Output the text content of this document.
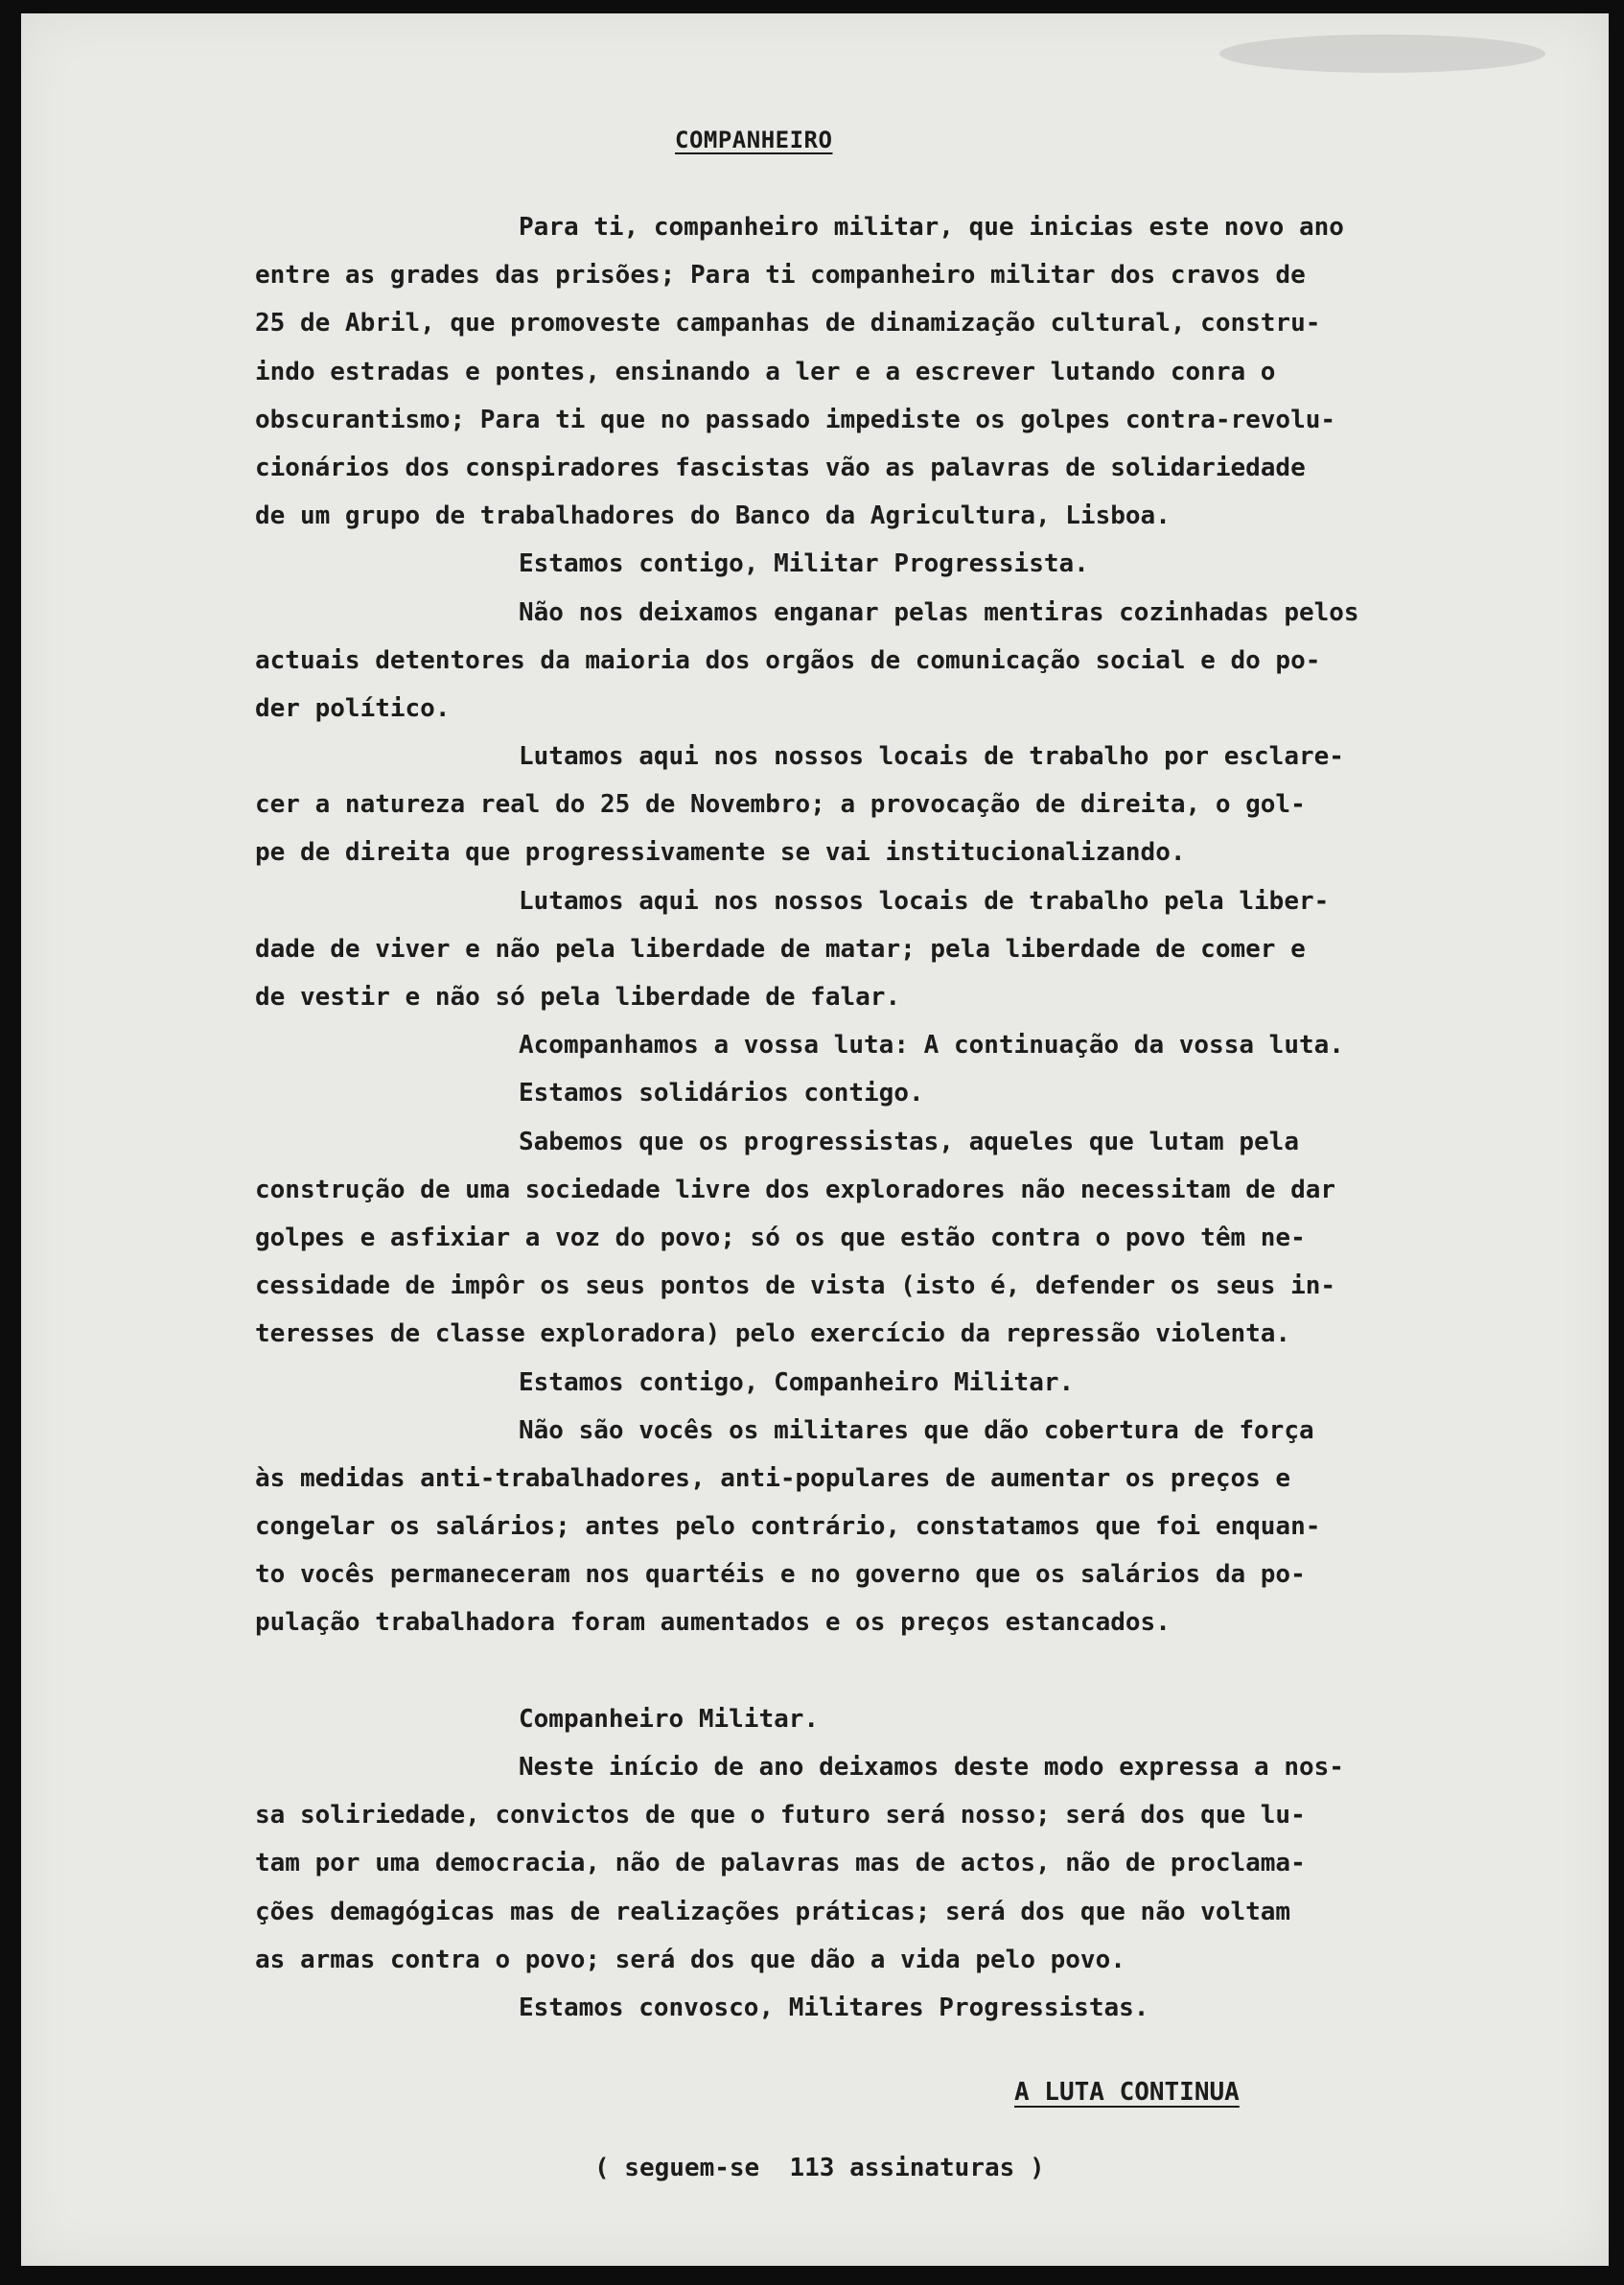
COMPANHEIRO
Para ti, companheiro militar, que inicias este novo ano
entre as grades das prisões; Para ti companheiro militar dos cravos de
25 de Abril, que promoveste campanhas de dinamização cultural, constru-
indo estradas e pontes, ensinando a ler e a escrever lutando conra o
obscurantismo; Para ti que no passado impediste os golpes contra-revolu-
cionários dos conspiradores fascistas vão as palavras de solidariedade
de um grupo de trabalhadores do Banco da Agricultura, Lisboa.
Estamos contigo, Militar Progressista.
Não nos deixamos enganar pelas mentiras cozinhadas pelos
actuais detentores da maioria dos orgãos de comunicação social e do po-
der político.
Lutamos aqui nos nossos locais de trabalho por esclare-
cer a natureza real do 25 de Novembro; a provocação de direita, o gol-
pe de direita que progressivamente se vai institucionalizando.
Lutamos aqui nos nossos locais de trabalho pela liber-
dade de viver e não pela liberdade de matar; pela liberdade de comer e
de vestir e não só pela liberdade de falar.
Acompanhamos a vossa luta: A continuação da vossa luta.
Estamos solidários contigo.
Sabemos que os progressistas, aqueles que lutam pela
construção de uma sociedade livre dos exploradores não necessitam de dar
golpes e asfixiar a voz do povo; só os que estão contra o povo têm ne-
cessidade de impôr os seus pontos de vista (isto é, defender os seus in-
teresses de classe exploradora) pelo exercício da repressão violenta.
Estamos contigo, Companheiro Militar.
Não são vocês os militares que dão cobertura de força
às medidas anti-trabalhadores, anti-populares de aumentar os preços e
congelar os salários; antes pelo contrário, constatamos que foi enquan-
to vocês permaneceram nos quartéis e no governo que os salários da po-
pulação trabalhadora foram aumentados e os preços estancados.
Companheiro Militar.
Neste início de ano deixamos deste modo expressa a nos-
sa soliriedade, convictos de que o futuro será nosso; será dos que lu-
tam por uma democracia, não de palavras mas de actos, não de proclama-
ções demagógicas mas de realizações práticas; será dos que não voltam
as armas contra o povo; será dos que dão a vida pelo povo.
Estamos convosco, Militares Progressistas.
A LUTA CONTINUA
( seguem-se  113 assinaturas )
